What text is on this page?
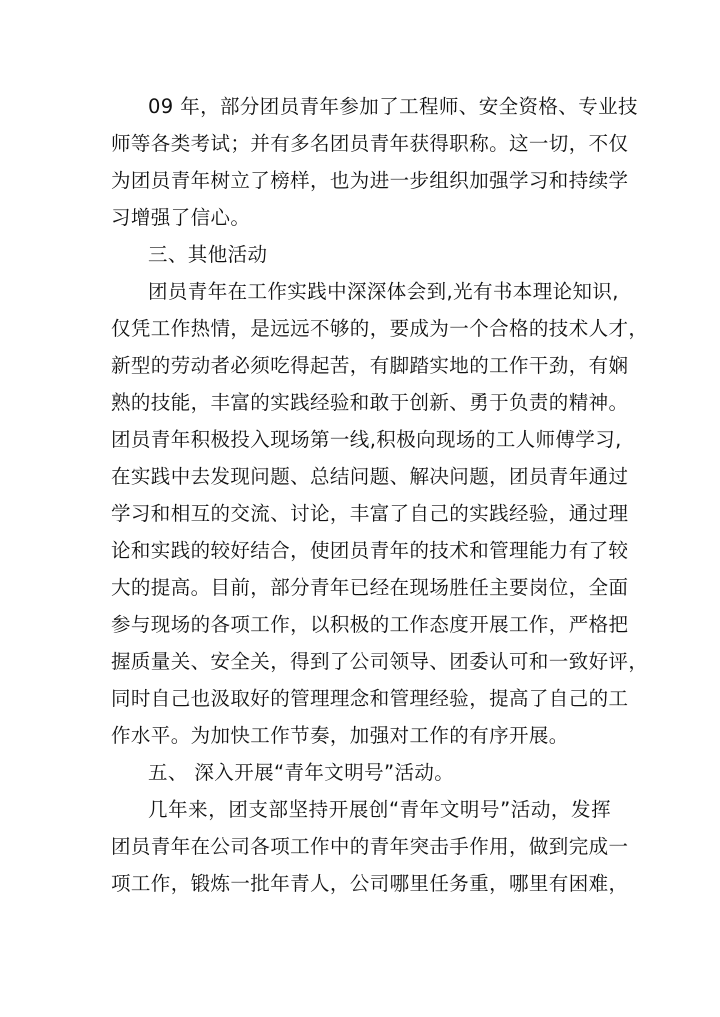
09 年，部分团员青年参加了工程师、安全资格、专业技
师等各类考试；并有多名团员青年获得职称。这一切，不仅
为团员青年树立了榜样，也为进一步组织加强学习和持续学
习增强了信心。
三、其他活动
团员青年在工作实践中深深体会到,光有书本理论知识,
仅凭工作热情，是远远不够的，要成为一个合格的技术人才，
新型的劳动者必须吃得起苦，有脚踏实地的工作干劲，有娴
熟的技能，丰富的实践经验和敢于创新、勇于负责的精神。
团员青年积极投入现场第一线,积极向现场的工人师傅学习,
在实践中去发现问题、总结问题、解决问题，团员青年通过
学习和相互的交流、讨论，丰富了自己的实践经验，通过理
论和实践的较好结合，使团员青年的技术和管理能力有了较
大的提高。目前，部分青年已经在现场胜任主要岗位，全面
参与现场的各项工作，以积极的工作态度开展工作，严格把
握质量关、安全关，得到了公司领导、团委认可和一致好评，
同时自己也汲取好的管理理念和管理经验，提高了自己的工
作水平。为加快工作节奏，加强对工作的有序开展。
五、 深入开展“青年文明号”活动。
几年来，团支部坚持开展创“青年文明号”活动，发挥
团员青年在公司各项工作中的青年突击手作用，做到完成一
项工作，锻炼一批年青人，公司哪里任务重，哪里有困难，
